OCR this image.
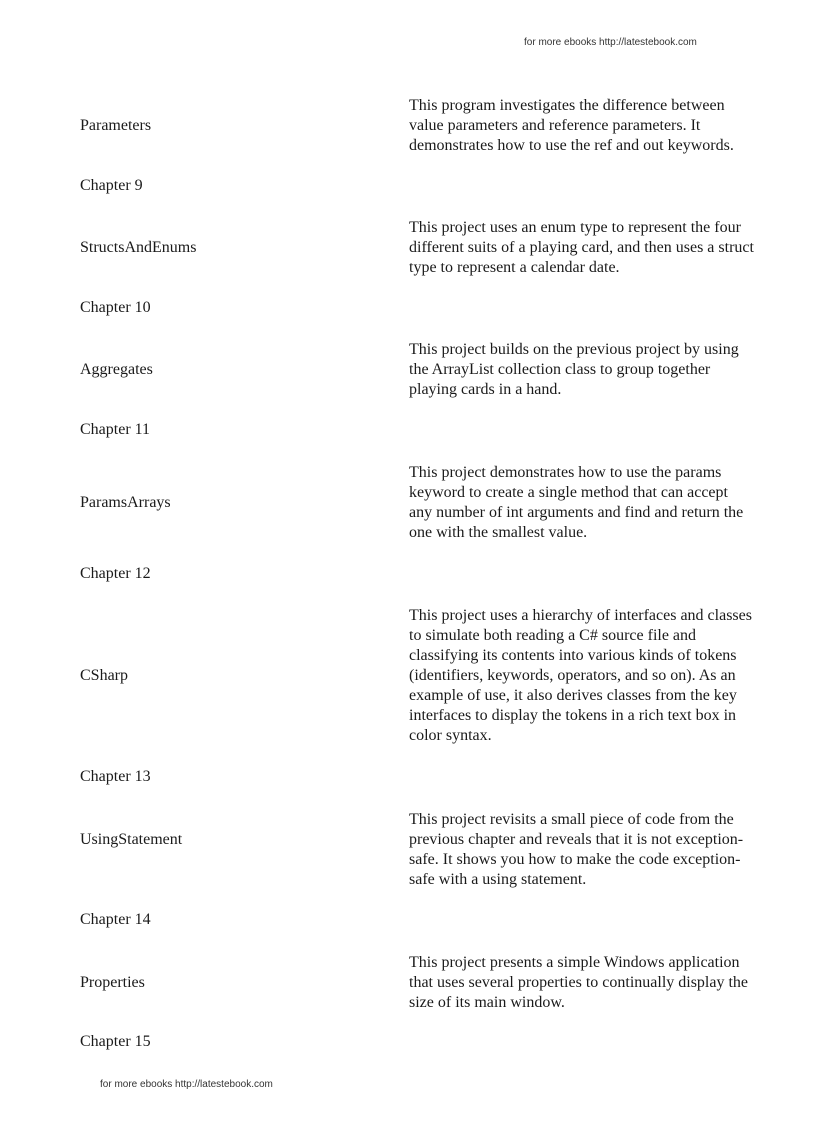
for more ebooks http://latestebook.com
This program investigates the difference between value parameters and reference parameters. It demonstrates how to use the ref and out keywords.
Parameters
Chapter 9
This project uses an enum type to represent the four different suits of a playing card, and then uses a struct type to represent a calendar date.
StructsAndEnums
Chapter 10
This project builds on the previous project by using the ArrayList collection class to group together playing cards in a hand.
Aggregates
Chapter 11
This project demonstrates how to use the params keyword to create a single method that can accept any number of int arguments and find and return the one with the smallest value.
ParamsArrays
Chapter 12
This project uses a hierarchy of interfaces and classes to simulate both reading a C# source file and classifying its contents into various kinds of tokens (identifiers, keywords, operators, and so on). As an example of use, it also derives classes from the key interfaces to display the tokens in a rich text box in color syntax.
CSharp
Chapter 13
This project revisits a small piece of code from the previous chapter and reveals that it is not exception-safe. It shows you how to make the code exception-safe with a using statement.
UsingStatement
Chapter 14
This project presents a simple Windows application that uses several properties to continually display the size of its main window.
Properties
Chapter 15
for more ebooks http://latestebook.com
